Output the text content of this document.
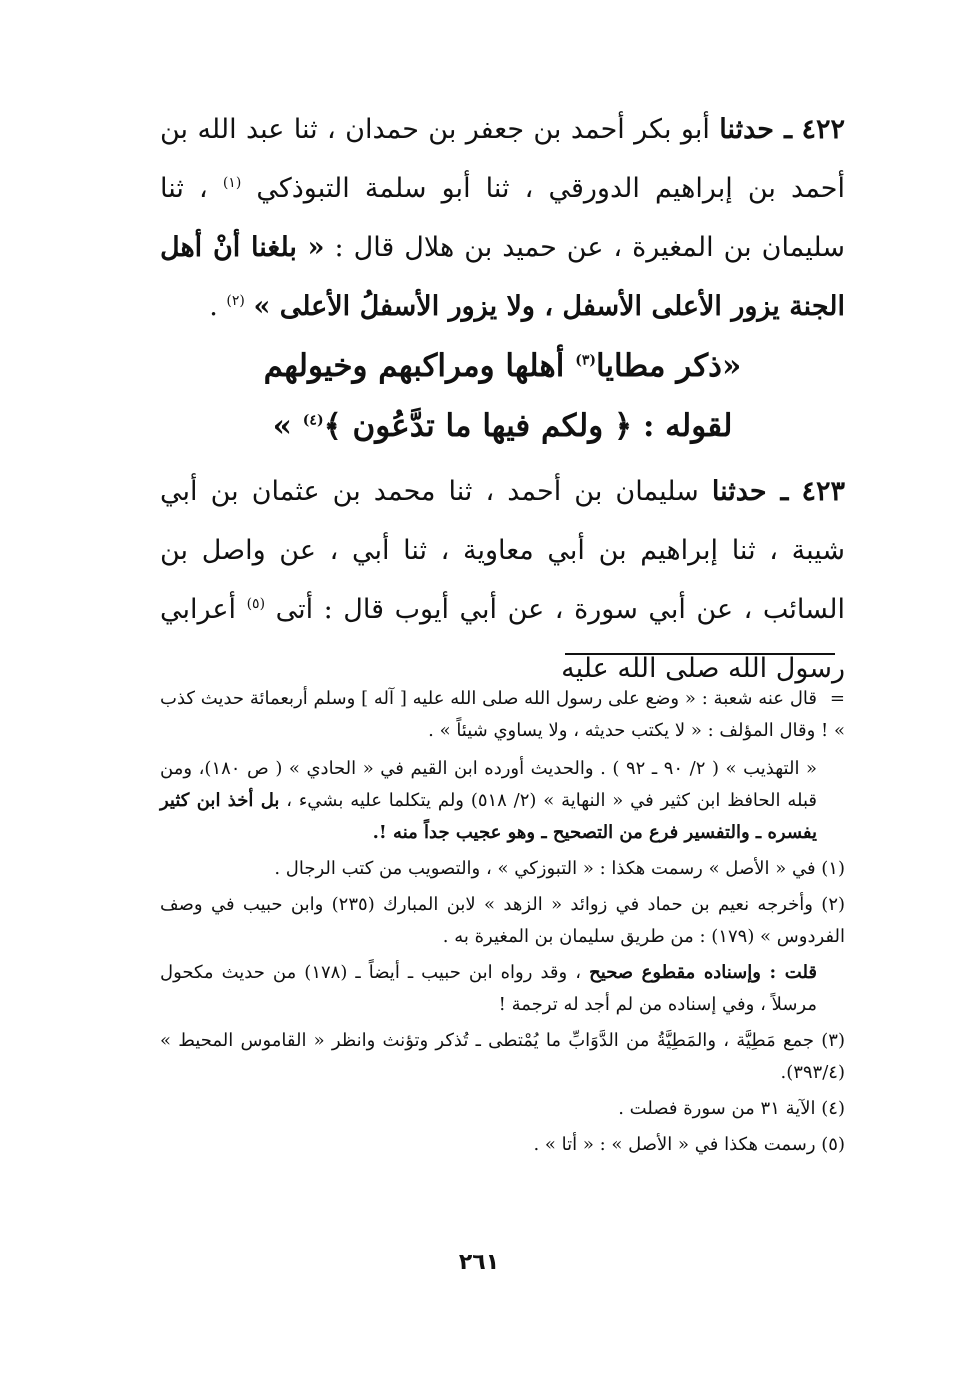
٤٢٢ ـ حدثنا أبو بكر أحمد بن جعفر بن حمدان ، ثنا عبد الله بن أحمد بن إبراهيم الدورقي ، ثنا أبو سلمة التبوذكي $^{(١)}$ ، ثنا سليمان بن المغيرة ، عن حميد بن هلال قال : « بلغنا أنْ أهل الجنة يزور الأعلى الأسفل ، ولا يزور الأسفلُ الأعلى » $^{(٢)}$ .

«ذكر مطايا$^{(٣)}$ أهلها ومراكبهم وخيولهم

لقوله : ﴿ ولكم فيها ما تدَّعُون ﴾$^{(٤)}$ »

٤٢٣ ـ حدثنا سليمان بن أحمد ، ثنا محمد بن عثمان بن أبي شيبة ، ثنا إبراهيم بن أبي معاوية ، ثنا أبي ، عن واصل بن السائب ، عن أبي سورة ، عن أبي أيوب قال : أتى $^{(٥)}$ أعرابي رسول الله صلى الله عليه

=قال عنه شعبة : « وضع على رسول الله صلى الله عليه [ آله ] وسلم أربعمائة حديث كذب » ! وقال المؤلف : « لا يكتب حديثه ، ولا يساوي شيئاً » .

« التهذيب » ( ٢/ ٩٠ ـ ٩٢ ) . والحديث أورده ابن القيم في « الحادي » ( ص ١٨٠)، ومن قبله الحافظ ابن كثير في « النهاية » (٢/ ٥١٨) ولم يتكلما عليه بشيء ، بل أخذ ابن كثير يفسره ـ والتفسير فرع من التصحيح ـ وهو عجيب جداً منه !.

(١) في « الأصل » رسمت هكذا : « التبوزكي » ، والتصويب من كتب الرجال .

(٢) وأخرجه نعيم بن حماد في زوائد « الزهد » لابن المبارك (٢٣٥) وابن حبيب في وصف الفردوس » (١٧٩) : من طريق سليمان بن المغيرة به .

قلت : وإسناده مقطوع صحيح ، وقد رواه ابن حبيب ـ أيضاً ـ (١٧٨) من حديث مكحول مرسلاً ، وفي إسناده من لم أجد له ترجمة !

(٣) جمع مَطِيَّة ، والمَطِيَّةُ من الدَّوَابِّ ما يُمْتطى ـ تُذكر وتؤنث وانظر « القاموس المحيط » (٣٩٣/٤).

(٤) الآية ٣١ من سورة فصلت .

(٥) رسمت هكذا في « الأصل » : « أتا » .

٢٦١
